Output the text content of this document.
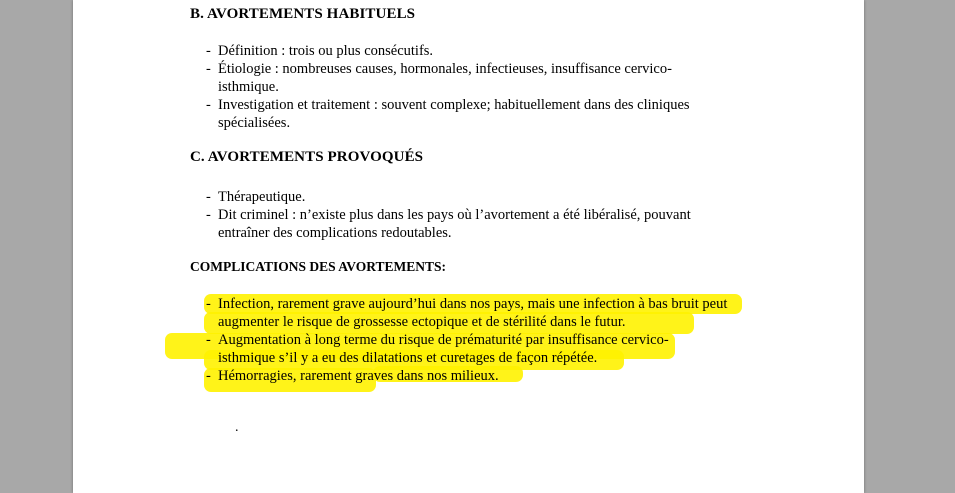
B. AVORTEMENTS HABITUELS
- Définition : trois ou plus consécutifs.
- Étiologie : nombreuses causes, hormonales, infectieuses, insuffisance cervico-isthmique.
- Investigation et traitement : souvent complexe; habituellement dans des cliniques spécialisées.
C. AVORTEMENTS PROVOQUÉS
- Thérapeutique.
- Dit criminel : n’existe plus dans les pays où l’avortement a été libéralisé, pouvant entraîner des complications redoutables.
COMPLICATIONS DES AVORTEMENTS:
- Infection, rarement grave aujourd’hui dans nos pays, mais une infection à bas bruit peut augmenter le risque de grossesse ectopique et de stérilité dans le futur.
- Augmentation à long terme du risque de prématurité par insuffisance cervico-isthmique s’il y a eu des dilatations et curetages de façon répétée.
- Hémorragies, rarement graves dans nos milieux.
.
